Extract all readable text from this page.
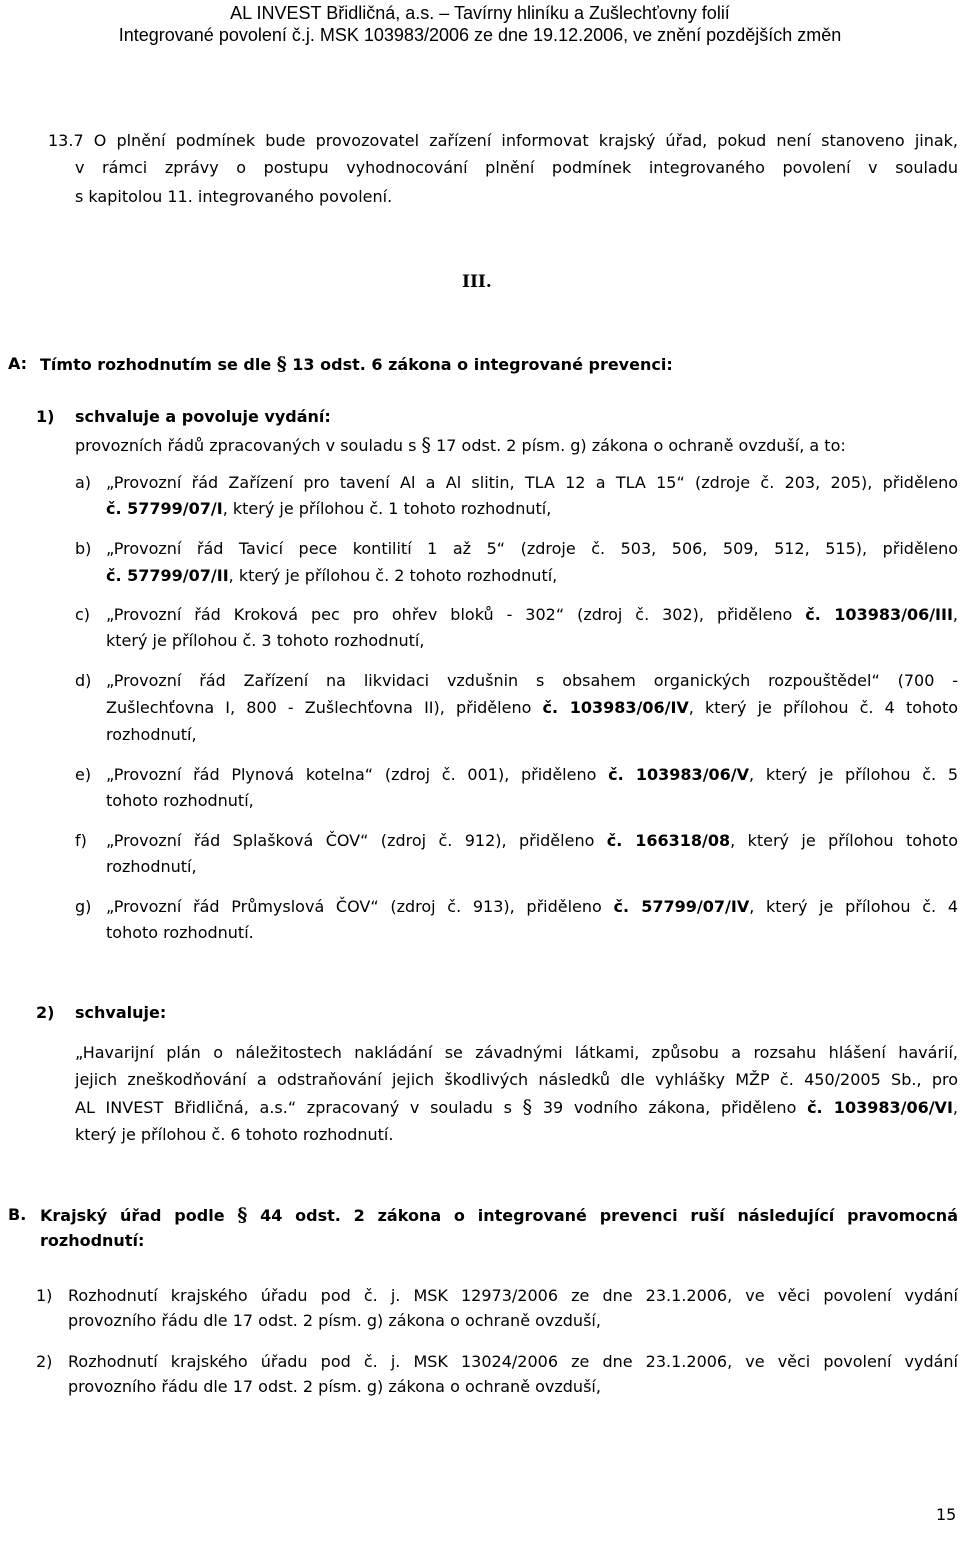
AL INVEST Břidličná, a.s. – Tavírny hliníku a Zušlechťovny folií
Integrované povolení č.j. MSK 103983/2006 ze dne 19.12.2006, ve znění pozdějších změn
13.7 O plnění podmínek bude provozovatel zařízení informovat krajský úřad, pokud není stanoveno jinak,
v rámci zprávy o postupu vyhodnocování plnění podmínek integrovaného povolení v souladu
s kapitolou 11. integrovaného povolení.
III.
A: Tímto rozhodnutím se dle § 13 odst. 6 zákona o integrované prevenci:
1) schvaluje a povoluje vydání:
provozních řádů zpracovaných v souladu s § 17 odst. 2 písm. g) zákona o ochraně ovzduší, a to:
a) „Provozní řád Zařízení pro tavení Al a Al slitin, TLA 12 a TLA 15“ (zdroje č. 203, 205), přiděleno
č. 57799/07/I, který je přílohou č. 1 tohoto rozhodnutí,
b) „Provozní řád Tavicí pece kontilití 1 až 5“ (zdroje č. 503, 506, 509, 512, 515), přiděleno
č. 57799/07/II, který je přílohou č. 2 tohoto rozhodnutí,
c) „Provozní řád Kroková pec pro ohřev bloků - 302“ (zdroj č. 302), přiděleno č. 103983/06/III,
který je přílohou č. 3 tohoto rozhodnutí,
d) „Provozní řád Zařízení na likvidaci vzdušnin s obsahem organických rozpouštědel“ (700 -
Zušlechťovna I, 800 - Zušlechťovna II), přiděleno č. 103983/06/IV, který je přílohou č. 4 tohoto
rozhodnutí,
e) „Provozní řád Plynová kotelna“ (zdroj č. 001), přiděleno č. 103983/06/V, který je přílohou č. 5
tohoto rozhodnutí,
f) „Provozní řád Splašková ČOV“ (zdroj č. 912), přiděleno č. 166318/08, který je přílohou tohoto
rozhodnutí,
g) „Provozní řád Průmyslová ČOV“ (zdroj č. 913), přiděleno č. 57799/07/IV, který je přílohou č. 4
tohoto rozhodnutí.
2) schvaluje:
„Havarijní plán o náležitostech nakládání se závadnými látkami, způsobu a rozsahu hlášení havárií,
jejich zneškodňování a odstraňování jejich škodlivých následků dle vyhlášky MŽP č. 450/2005 Sb., pro
AL INVEST Břidličná, a.s.“ zpracovaný v souladu s § 39 vodního zákona, přiděleno č. 103983/06/VI,
který je přílohou č. 6 tohoto rozhodnutí.
B. Krajský úřad podle § 44 odst. 2 zákona o integrované prevenci ruší následující pravomocná
rozhodnutí:
1) Rozhodnutí krajského úřadu pod č. j. MSK 12973/2006 ze dne 23.1.2006, ve věci povolení vydání
provozního řádu dle 17 odst. 2 písm. g) zákona o ochraně ovzduší,
2) Rozhodnutí krajského úřadu pod č. j. MSK 13024/2006 ze dne 23.1.2006, ve věci povolení vydání
provozního řádu dle 17 odst. 2 písm. g) zákona o ochraně ovzduší,
15
